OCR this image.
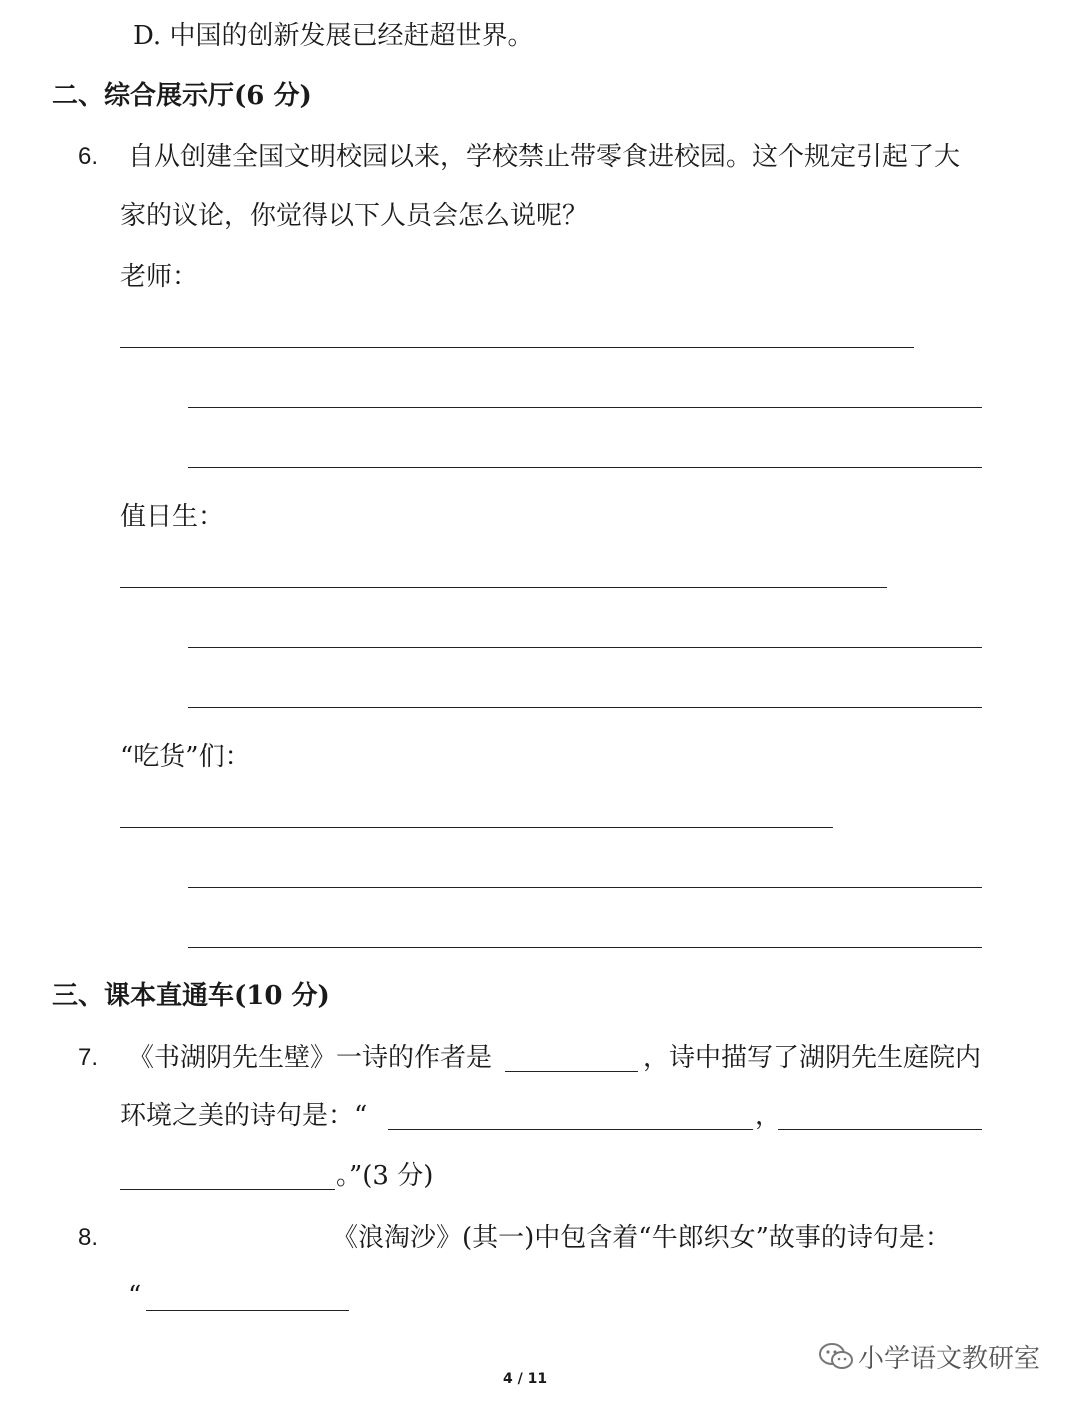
D. 中国的创新发展已经赶超世界。
二、综合展示厅(6 分)
6. 自从创建全国文明校园以来，学校禁止带零食进校园。这个规定引起了大
家的议论，你觉得以下人员会怎么说呢？
老师：
值日生：
“吃货”们：
三、课本直通车(10 分)
7. 《书湖阴先生壁》一诗的作者是	，诗中描写了湖阴先生庭院内
环境之美的诗句是：“	，
。”(3 分)
8.	《浪淘沙》(其一)中包含着“牛郎织女”故事的诗句是：
“
小学语文教研室
4 / 11
